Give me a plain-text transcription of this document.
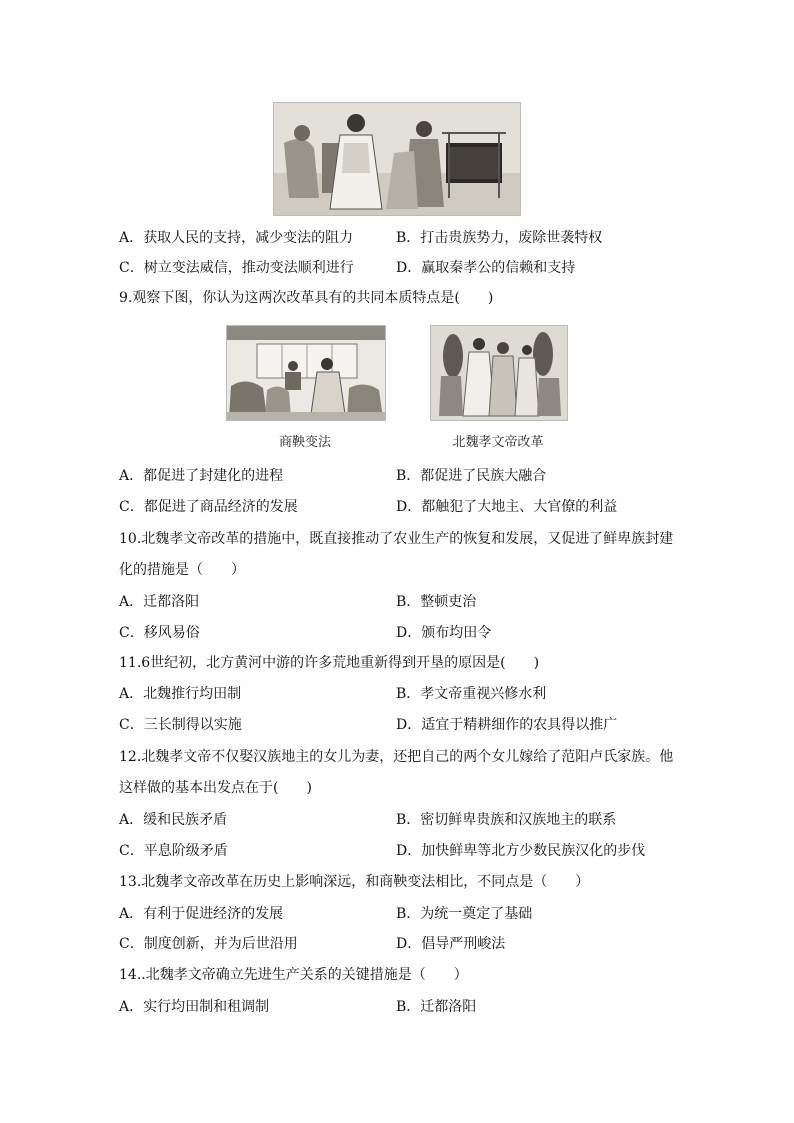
A．获取人民的支持，减少变法的阻力	B．打击贵族势力，废除世袭特权
C．树立变法威信，推动变法顺利进行	D．赢取秦孝公的信赖和支持
9.观察下图，你认为这两次改革具有的共同本质特点是(　　)
商鞅变法	北魏孝文帝改革
A．都促进了封建化的进程	B．都促进了民族大融合
C．都促进了商品经济的发展	D．都触犯了大地主、大官僚的利益
10.北魏孝文帝改革的措施中，既直接推动了农业生产的恢复和发展，又促进了鲜卑族封建
化的措施是（　　）
A．迁都洛阳	B．整顿吏治
C．移风易俗	D．颁布均田令
11.6世纪初，北方黄河中游的许多荒地重新得到开垦的原因是(　　)
A．北魏推行均田制	B．孝文帝重视兴修水利
C．三长制得以实施	D．适宜于精耕细作的农具得以推广
12.北魏孝文帝不仅娶汉族地主的女儿为妻，还把自己的两个女儿嫁给了范阳卢氏家族。他
这样做的基本出发点在于(　　)
A．缓和民族矛盾	B．密切鲜卑贵族和汉族地主的联系
C．平息阶级矛盾	D．加快鲜卑等北方少数民族汉化的步伐
13.北魏孝文帝改革在历史上影响深远，和商鞅变法相比，不同点是（　　）
A．有利于促进经济的发展	B．为统一奠定了基础
C．制度创新，并为后世沿用	D．倡导严刑峻法
14..北魏孝文帝确立先进生产关系的关键措施是（　　）
A．实行均田制和租调制	B．迁都洛阳
